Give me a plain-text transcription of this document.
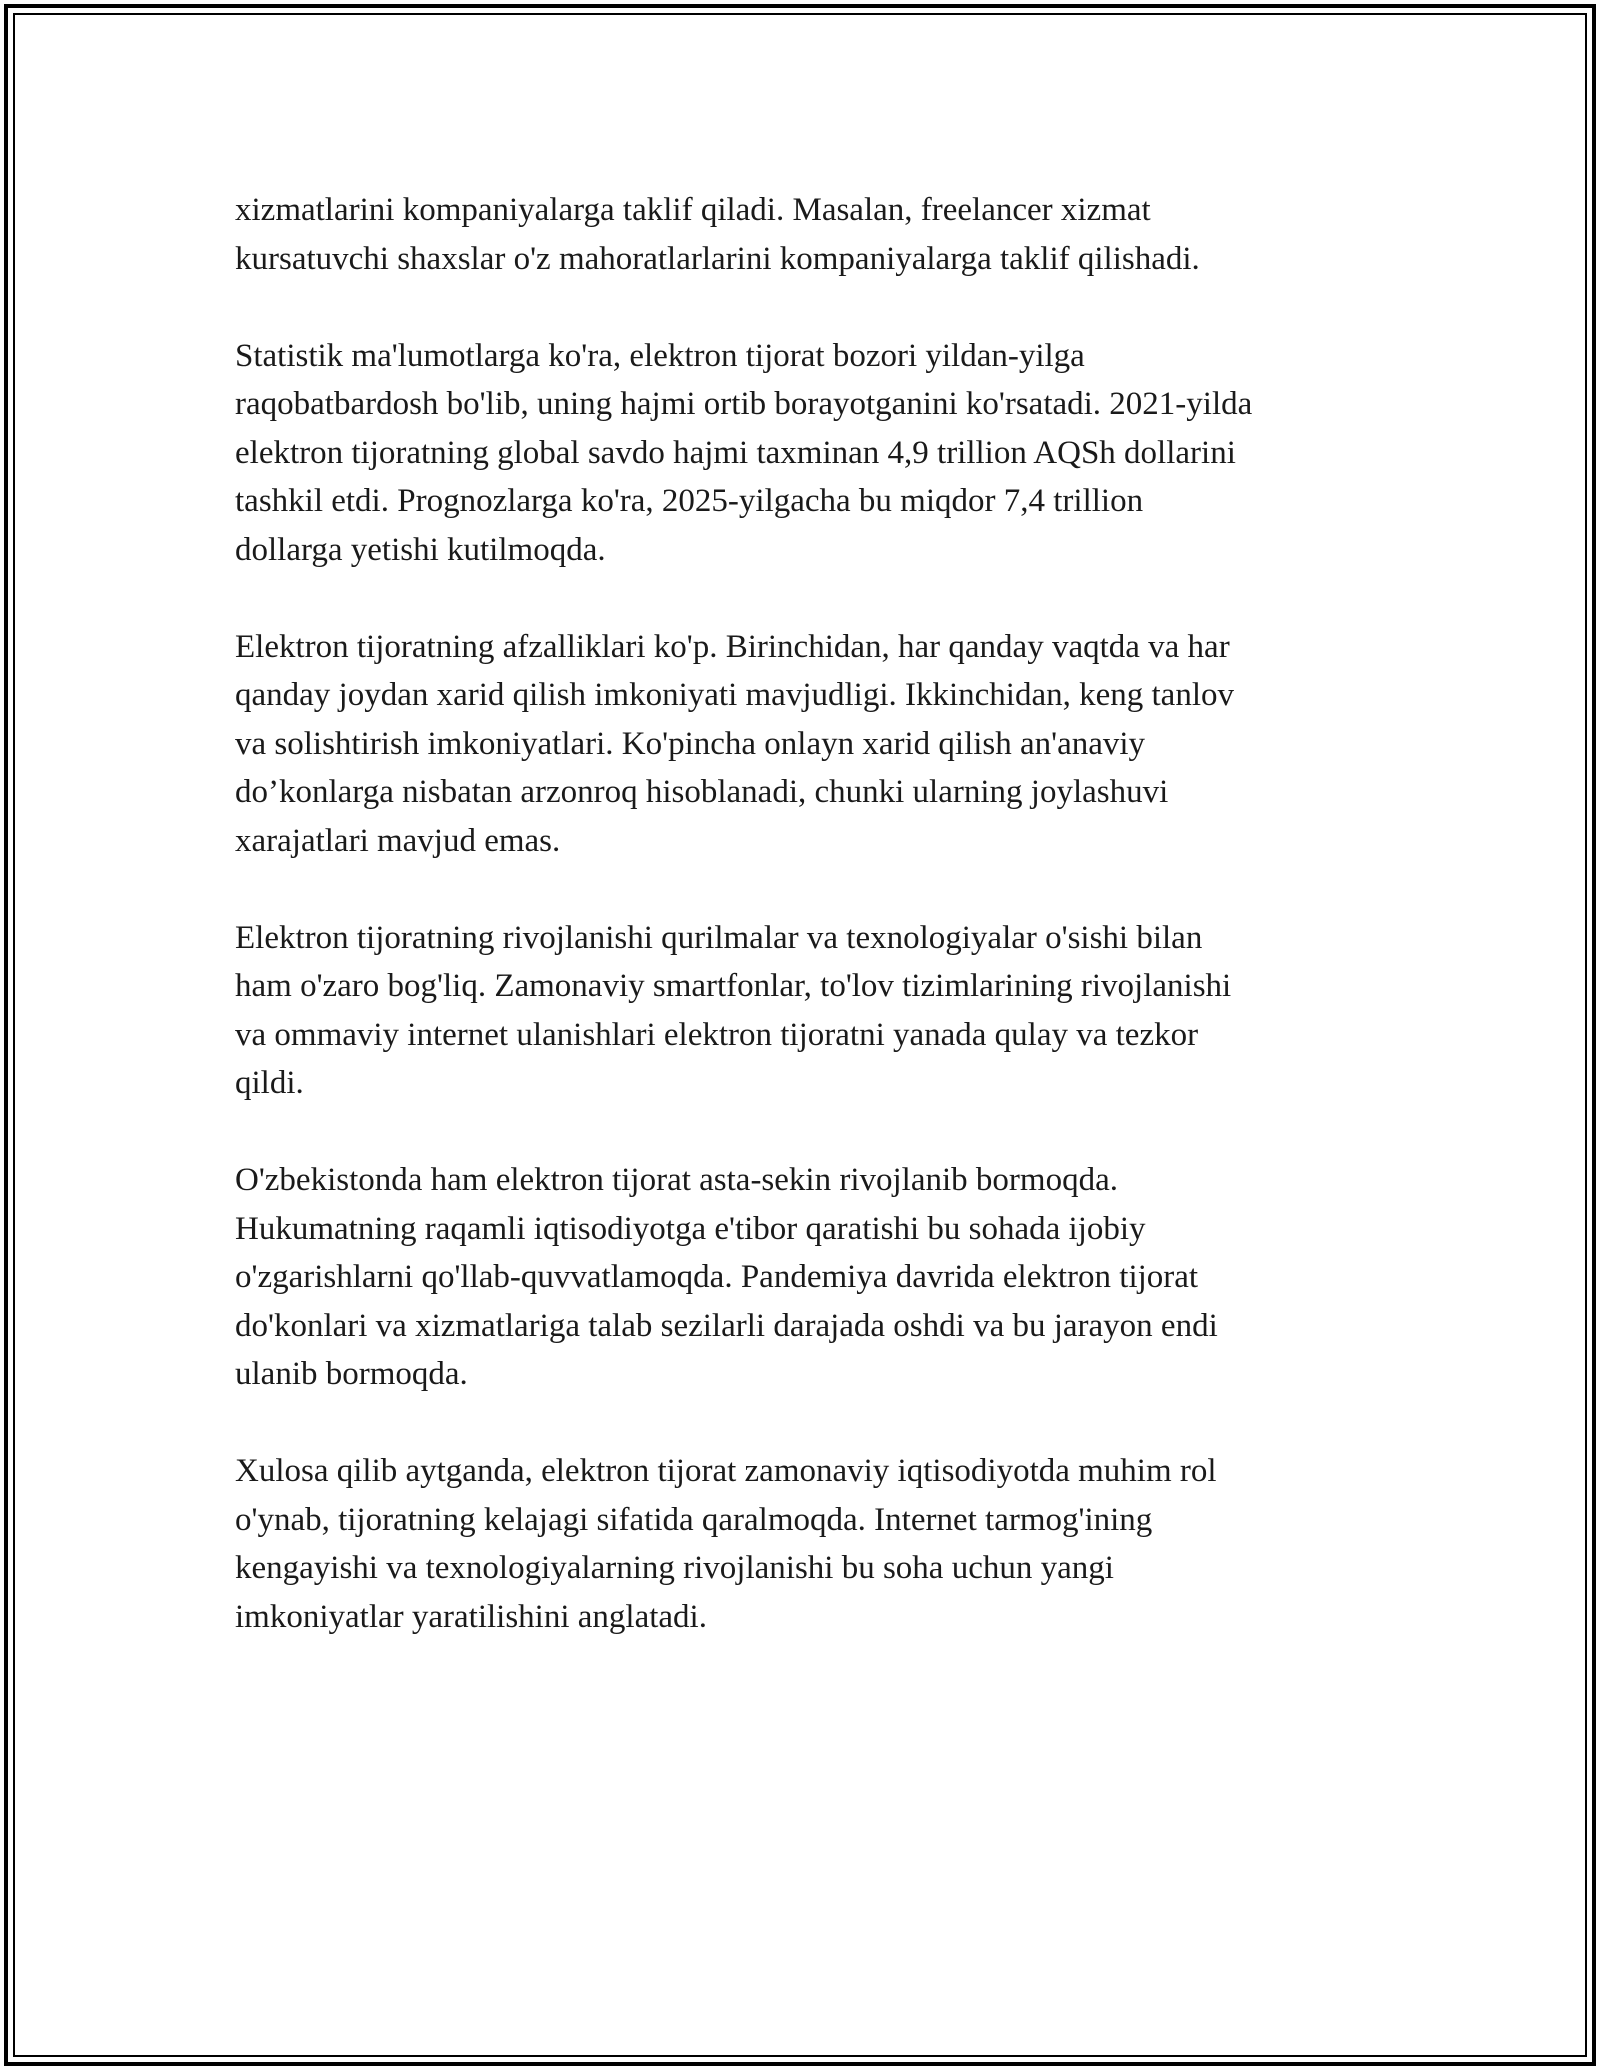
xizmatlarini kompaniyalarga taklif qiladi. Masalan, freelancer xizmat
kursatuvchi shaxslar o'z mahoratlarlarini kompaniyalarga taklif qilishadi.

Statistik ma'lumotlarga ko'ra, elektron tijorat bozori yildan-yilga
raqobatbardosh bo'lib, uning hajmi ortib borayotganini ko'rsatadi. 2021-yilda
elektron tijoratning global savdo hajmi taxminan 4,9 trillion AQSh dollarini
tashkil etdi. Prognozlarga ko'ra, 2025-yilgacha bu miqdor 7,4 trillion
dollarga yetishi kutilmoqda.

Elektron tijoratning afzalliklari ko'p. Birinchidan, har qanday vaqtda va har
qanday joydan xarid qilish imkoniyati mavjudligi. Ikkinchidan, keng tanlov
va solishtirish imkoniyatlari. Ko'pincha onlayn xarid qilish an'anaviy
do’konlarga nisbatan arzonroq hisoblanadi, chunki ularning joylashuvi
xarajatlari mavjud emas.

Elektron tijoratning rivojlanishi qurilmalar va texnologiyalar o'sishi bilan
ham o'zaro bog'liq. Zamonaviy smartfonlar, to'lov tizimlarining rivojlanishi
va ommaviy internet ulanishlari elektron tijoratni yanada qulay va tezkor
qildi.

O'zbekistonda ham elektron tijorat asta-sekin rivojlanib bormoqda.
Hukumatning raqamli iqtisodiyotga e'tibor qaratishi bu sohada ijobiy
o'zgarishlarni qo'llab-quvvatlamoqda. Pandemiya davrida elektron tijorat
do'konlari va xizmatlariga talab sezilarli darajada oshdi va bu jarayon endi
ulanib bormoqda.

Xulosa qilib aytganda, elektron tijorat zamonaviy iqtisodiyotda muhim rol
o'ynab, tijoratning kelajagi sifatida qaralmoqda. Internet tarmog'ining
kengayishi va texnologiyalarning rivojlanishi bu soha uchun yangi
imkoniyatlar yaratilishini anglatadi.
